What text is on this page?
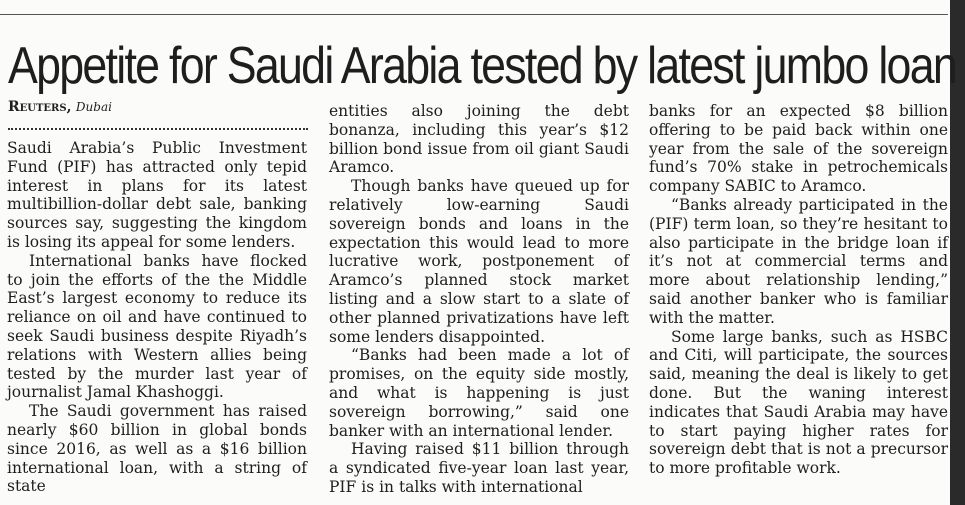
Appetite for Saudi Arabia tested by latest jumbo loan
Reuters, Dubai

Saudi Arabia’s Public Investment Fund (PIF) has attracted only tepid interest in plans for its latest multibillion-dollar debt sale, banking sources say, suggesting the kingdom is losing its appeal for some lenders.

International banks have flocked to join the efforts of the the Middle East’s largest economy to reduce its reliance on oil and have continued to seek Saudi business despite Riyadh’s relations with Western allies being tested by the murder last year of journalist Jamal Khashoggi.

The Saudi government has raised nearly $60 billion in global bonds since 2016, as well as a $16 billion international loan, with a string of state

entities also joining the debt bonanza, including this year’s $12 billion bond issue from oil giant Saudi Aramco.

Though banks have queued up for relatively low-earning Saudi sovereign bonds and loans in the expectation this would lead to more lucrative work, postponement of Aramco’s planned stock market listing and a slow start to a slate of other planned privatizations have left some lenders disappointed.

“Banks had been made a lot of promises, on the equity side mostly, and what is happening is just sovereign borrowing,” said one banker with an international lender.

Having raised $11 billion through a syndicated five-year loan last year, PIF is in talks with international

banks for an expected $8 billion offering to be paid back within one year from the sale of the sovereign fund’s 70% stake in petrochemicals company SABIC to Aramco.

“Banks already participated in the (PIF) term loan, so they’re hesitant to also participate in the bridge loan if it’s not at commercial terms and more about relationship lending,” said another banker who is familiar with the matter.

Some large banks, such as HSBC and Citi, will participate, the sources said, meaning the deal is likely to get done. But the waning interest indicates that Saudi Arabia may have to start paying higher rates for sovereign debt that is not a precursor to more profitable work.
